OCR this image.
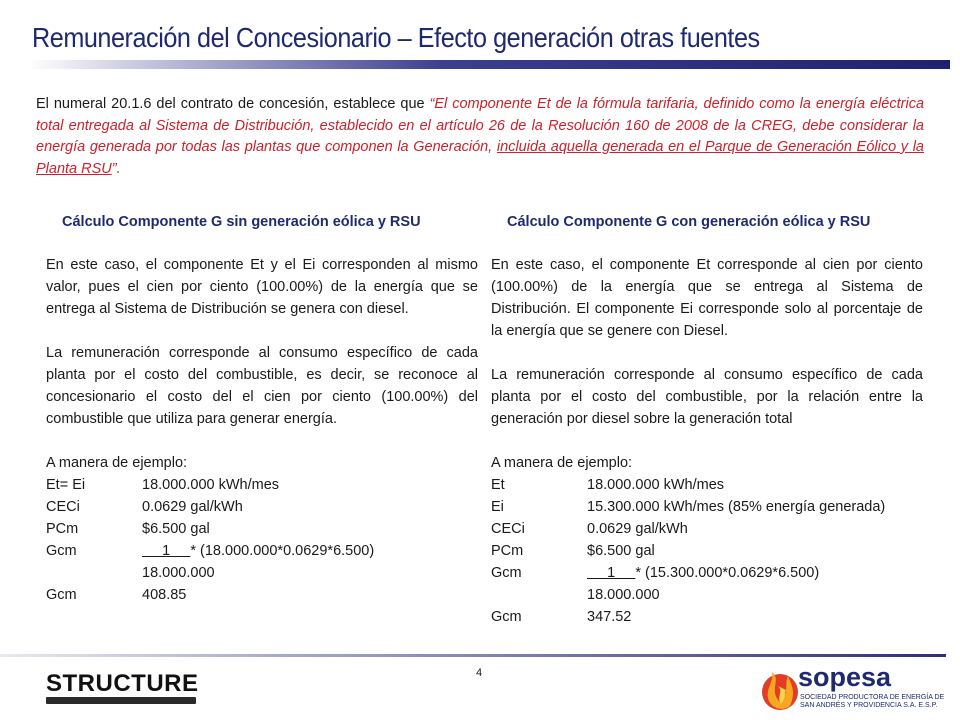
Remuneración del Concesionario – Efecto generación otras fuentes
El numeral 20.1.6 del contrato de concesión, establece que “El componente Et de la fórmula tarifaria, definido como la energía eléctrica total entregada al Sistema de Distribución, establecido en el artículo 26 de la Resolución 160 de 2008 de la CREG, debe considerar la energía generada por todas las plantas que componen la Generación, incluida aquella generada en el Parque de Generación Eólico y la Planta RSU”.
Cálculo Componente G sin generación eólica y RSU

En este caso, el componente Et y el Ei corresponden al mismo valor, pues el cien por ciento (100.00%) de la energía que se entrega al Sistema de Distribución se genera con diesel.

La remuneración corresponde al consumo específico de cada planta por el costo del combustible, es decir, se reconoce al concesionario el costo del el cien por ciento (100.00%) del combustible que utiliza para generar energía.

A manera de ejemplo:

Et= Ei	18.000.000 kWh/mes
CECi	0.0629 gal/kWh
PCm	$6.500 gal
Gcm	1     * (18.000.000*0.0629*6.500)
18.000.000
Gcm	408.85
Cálculo Componente G con generación eólica y RSU

En este caso, el componente Et corresponde al cien por ciento (100.00%) de la energía que se entrega al Sistema de Distribución. El componente Ei corresponde solo al porcentaje de la energía que se genere con Diesel.

La remuneración corresponde al consumo específico de cada planta por el costo del combustible, por la relación entre la generación por diesel sobre la generación total

A manera de ejemplo:

Et	18.000.000 kWh/mes
Ei	15.300.000 kWh/mes (85% energía generada)
CECi	0.0629 gal/kWh
PCm	$6.500 gal
Gcm	1     * (15.300.000*0.0629*6.500)
18.000.000
Gcm	347.52
4
STRUCTURE	sopesa
SOCIEDAD PRODUCTORA DE ENERGÍA DE
SAN ANDRÉS Y PROVIDENCIA S.A. E.S.P.
